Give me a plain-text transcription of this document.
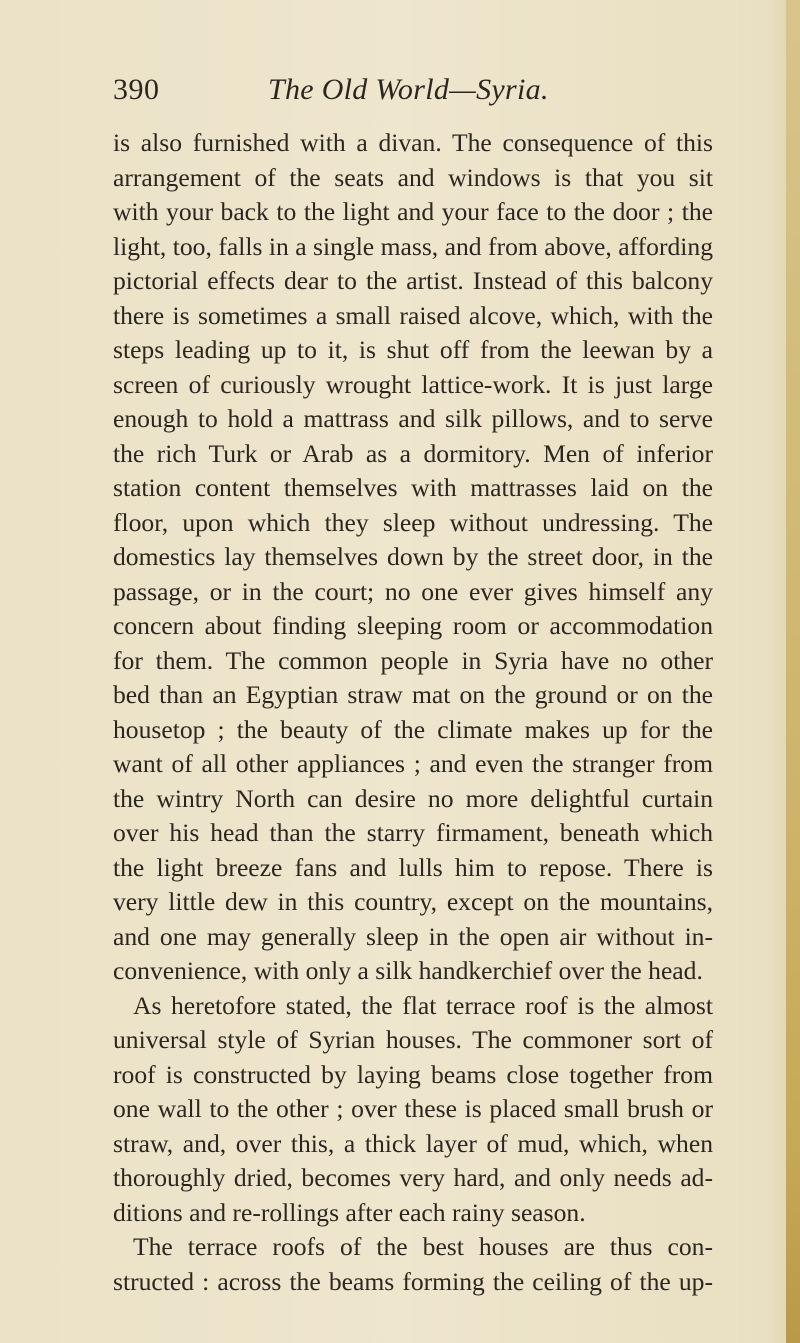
390	The Old World—Syria.
is also furnished with a divan. The consequence of this
arrangement of the seats and windows is that you sit
with your back to the light and your face to the door ; the
light, too, falls in a single mass, and from above, affording
pictorial effects dear to the artist. Instead of this balcony
there is sometimes a small raised alcove, which, with the
steps leading up to it, is shut off from the leewan by a
screen of curiously wrought lattice-work. It is just large
enough to hold a mattrass and silk pillows, and to serve
the rich Turk or Arab as a dormitory. Men of inferior
station content themselves with mattrasses laid on the
floor, upon which they sleep without undressing. The
domestics lay themselves down by the street door, in the
passage, or in the court; no one ever gives himself any
concern about finding sleeping room or accommodation
for them. The common people in Syria have no other
bed than an Egyptian straw mat on the ground or on the
housetop ; the beauty of the climate makes up for the
want of all other appliances ; and even the stranger from
the wintry North can desire no more delightful curtain
over his head than the starry firmament, beneath which
the light breeze fans and lulls him to repose. There is
very little dew in this country, except on the mountains,
and one may generally sleep in the open air without in-
convenience, with only a silk handkerchief over the head.
As heretofore stated, the flat terrace roof is the almost
universal style of Syrian houses. The commoner sort of
roof is constructed by laying beams close together from
one wall to the other ; over these is placed small brush or
straw, and, over this, a thick layer of mud, which, when
thoroughly dried, becomes very hard, and only needs ad-
ditions and re-rollings after each rainy season.
The terrace roofs of the best houses are thus con-
structed : across the beams forming the ceiling of the up-
